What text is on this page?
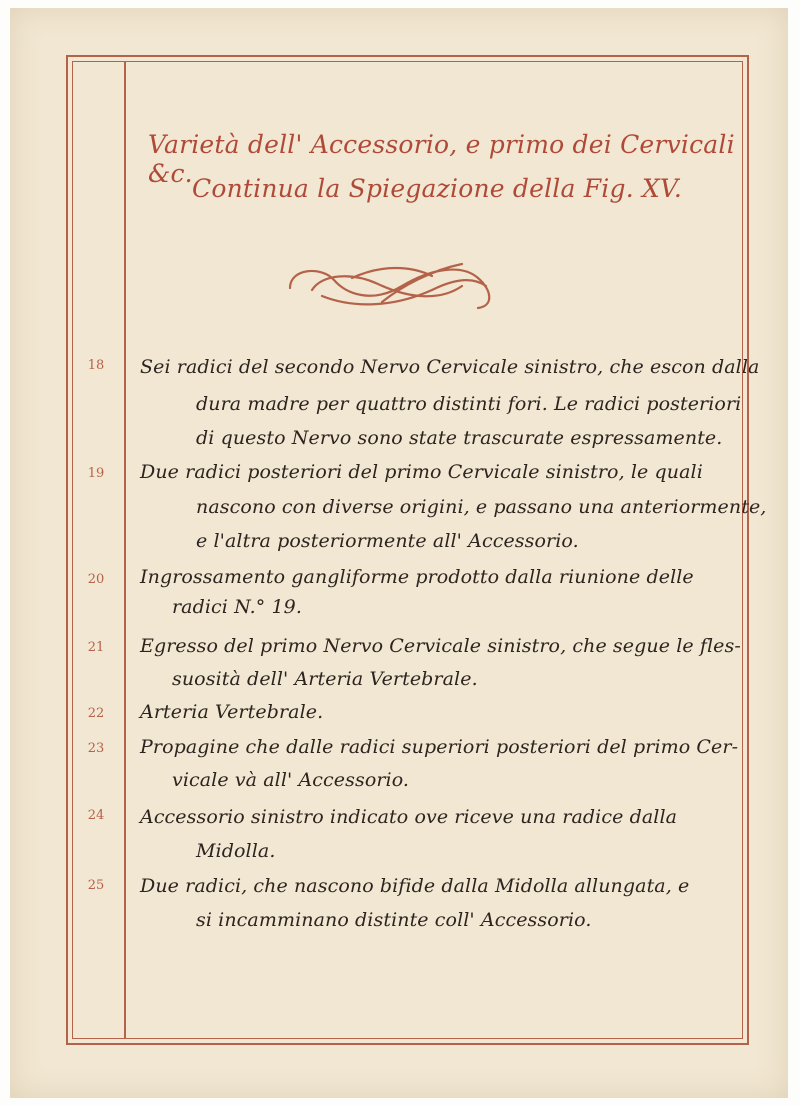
Varietà dell' Accessorio, e primo dei Cervicali &c.
Continua la Spiegazione della Fig. XV.
18	Sei radici del secondo Nervo Cervicale sinistro, che escon dalla
dura madre per quattro distinti fori. Le radici posteriori
di questo Nervo sono state trascurate espressamente.
19	Due radici posteriori del primo Cervicale sinistro, le quali
nascono con diverse origini, e passano una anteriormente,
e l'altra posteriormente all' Accessorio.
20	Ingrossamento gangliforme prodotto dalla riunione delle
radici N.° 19.
21	Egresso del primo Nervo Cervicale sinistro, che segue le fles-
suosità dell' Arteria Vertebrale.
22	Arteria Vertebrale.
23	Propagine che dalle radici superiori posteriori del primo Cer-
vicale và all' Accessorio.
24	Accessorio sinistro indicato ove riceve una radice dalla
Midolla.
25	Due radici, che nascono bifide dalla Midolla allungata, e
si incamminano distinte coll' Accessorio.
